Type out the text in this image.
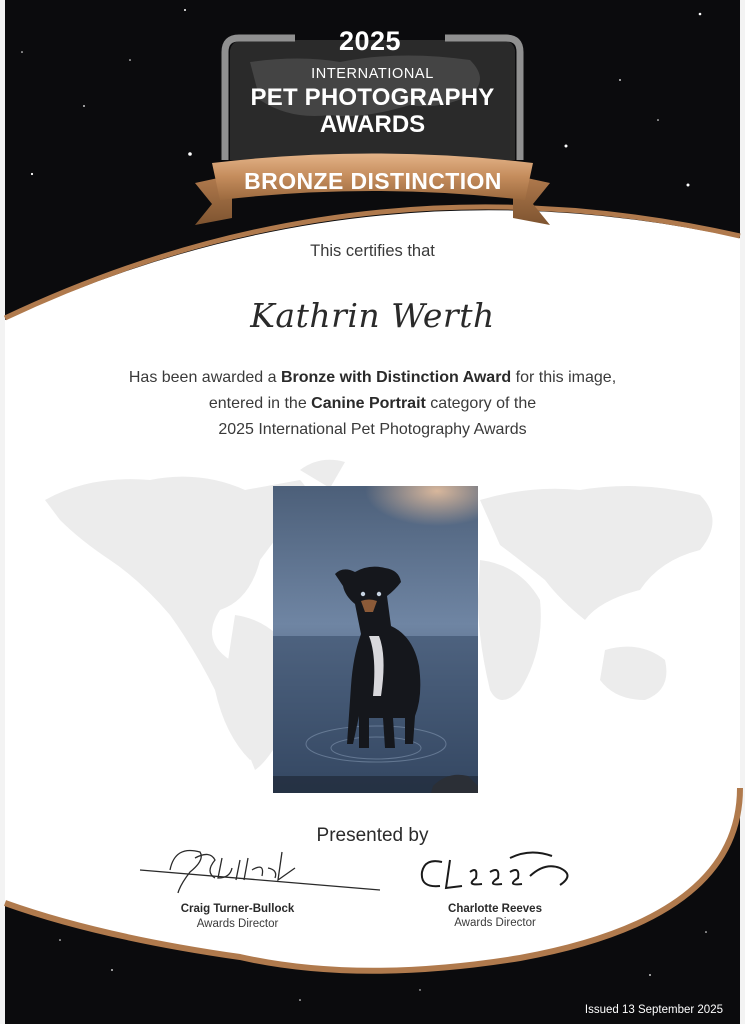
2025
INTERNATIONAL
PET PHOTOGRAPHY
AWARDS
BRONZE DISTINCTION
This certifies that
Kathrin Werth
Has been awarded a Bronze with Distinction Award for this image,
entered in the Canine Portrait category of the
2025 International Pet Photography Awards
Presented by
Craig Turner-Bullock
Awards Director
Charlotte Reeves
Awards Director
Issued 13 September 2025
